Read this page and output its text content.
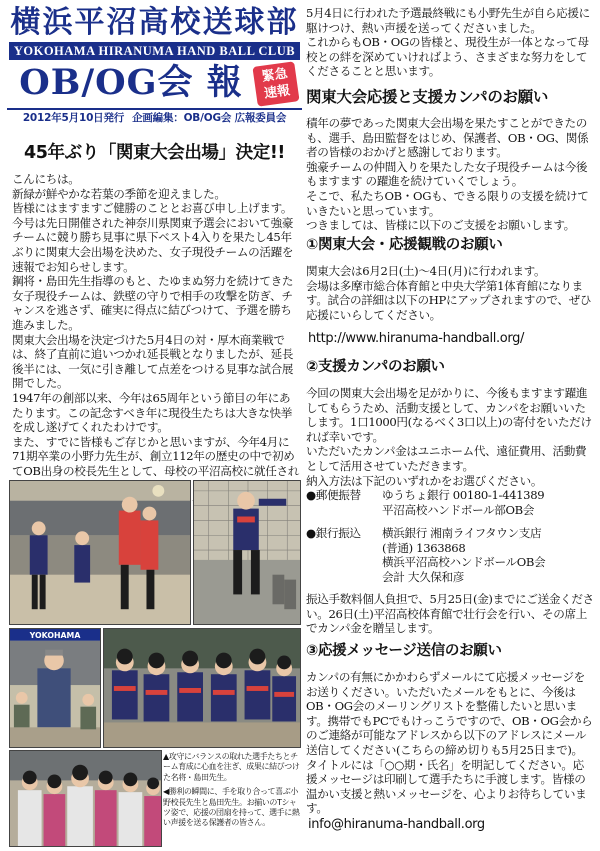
横浜平沼高校送球部
YOKOHAMA HIRANUMA HAND BALL CLUB
OB/OG会 報	緊急
速報
2012年5月10日発行 企画編集：OB/OG会 広報委員会
45年ぶり「関東大会出場」決定!!

こんにちは。

新緑が鮮やかな若葉の季節を迎えました。

皆様にはますますご健勝のこととお喜び申し上げます。

今号は先日開催された神奈川県関東予選会において強豪チームに競り勝ち見事に県下ベスト4入りを果たし45年ぶりに関東大会出場を決めた、女子現役チームの活躍を速報でお知らせします。

鋼将・島田先生指導のもと、たゆまぬ努力を続けてきた女子現役チームは、鉄壁の守りで相手の攻撃を防ぎ、チャンスを逃さず、確実に得点に結びつけて、予選を勝ち進みました。

関東大会出場を決定づけた5月4日の対・厚木商業戦では、終了直前に追いつかれ延長戦となりましたが、延長後半には、一気に引き離して点差をつける見事な試合展開でした。

1947年の創部以来、今年は65周年という節目の年にあたります。この記念すべき年に現役生たちは大きな快挙を成し遂げてくれたわけです。

また、すでに皆様もご存じかと思いますが、今年4月に71期卒業の小野力先生が、創立112年の歴史の中で初めてOB出身の校長先生として、母校の平沼高校に就任され

YOKOHAMA

▲攻守にバランスの取れた選手たちとチーム育成に心血を注ぎ、成果に結びつけた名将・島田先生。

◀勝利の瞬間に、手を取り合って喜ぶ小野校長先生と島田先生。お揃いのTシャツ姿で、応援の団扇を持って、選手に熱い声援を送る保護者の皆さん。

5月4日に行われた予選最終戦にも小野先生が自ら応援に駆けつけ、熱い声援を送ってくださいました。

これからもOB・OGの皆様と、現役生が一体となって母校との絆を深めていければよう、さまざまな努力をしてくださることと思います。

関東大会応援と支援カンパのお願い

積年の夢であった関東大会出場を果たすことができたのも、選手、島田監督をはじめ、保護者、OB・OG、関係者の皆様のおかげと感謝しております。

強豪チームの仲間入りを果たした女子現役チームは今後もますます の躍進を続けていくでしょう。

そこで、私たちOB・OGも、できる限りの支援を続けていきたいと思っています。

つきましては、皆様に以下のご支援をお願いします。

①関東大会・応援観戦のお願い

関東大会は6月2日(土)〜4日(月)に行われます。

会場は多摩市総合体育館と中央大学第1体育館になります。試合の詳細は以下のHPにアップされますので、ぜひ応援にいらしてください。

http://www.hiranuma-handball.org/
②支援カンパのお願い

今回の関東大会出場を足がかりに、今後もますます躍進してもらうため、活動支援として、カンパをお願いいたします。1口1000円(なるべく3口以上)の寄付をいただければ幸いです。

いただいたカンパ金はユニホーム代、遠征費用、活動費として活用させていただきます。

納入方法は下記のいずれかをお選びください。

●郵便振替	ゆうちょ銀行 00180-1-441389
平沼高校ハンドボール部OB会
●銀行振込	横浜銀行 湘南ライフタウン支店
(普通) 1363868
横浜平沼高校ハンドボールOB会
会計 大久保和彦
振込手数料個人負担で、5月25日(金)までにご送金ください。26日(土)平沼高校体育館で壮行会を行い、その席上でカンパ金を贈呈します。
③応援メッセージ送信のお願い
カンパの有無にかかわらずメールにて応援メッセージをお送りください。いただいたメールをもとに、今後はOB・OG会のメーリングリストを整備したいと思います。携帯でもPCでもけっこうですので、OB・OG会からのご連絡が可能なアドレスから以下のアドレスにメール送信してください(こちらの締め切りも5月25日まで)。タイトルには「○○期・氏名」を明記してください。応援メッセージは印刷して選手たちに手渡します。皆様の温かい支援と熱いメッセージを、心よりお待ちしています。
info@hiranuma-handball.org
